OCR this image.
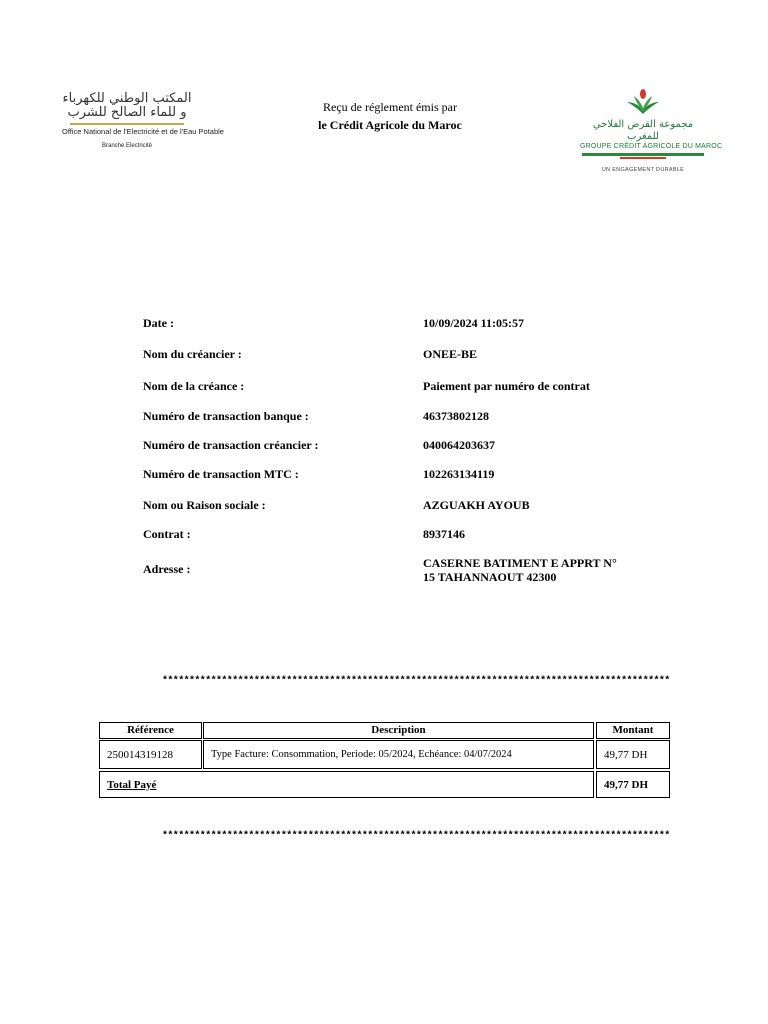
المكتب الوطني للكهرباء و للماء الصالح للشرب
Office National de l'Electricité et de l'Eau Potable
Branche Electricité
Reçu de réglement émis par
le Crédit Agricole du Maroc	مجموعة القرض الفلاحي للمغرب
GROUPE CRÉDIT AGRICOLE DU MAROC
UN ENGAGEMENT DURABLE
Date :	10/09/2024 11:05:57
Nom du créancier :	ONEE-BE
Nom de la créance :	Paiement par numéro de contrat
Numéro de transaction banque :	46373802128
Numéro de transaction créancier :	040064203637
Numéro de transaction MTC :	102263134119
Nom ou Raison sociale :	AZGUAKH AYOUB
Contrat :	8937146
Adresse :	CASERNE BATIMENT E APPRT N°
15 TAHANNAOUT 42300
**********************************************************************************************
Référence	Description	Montant
250014319128	Type Facture: Consommation, Periode: 05/2024, Echéance: 04/07/2024	49,77 DH
Total Payé	49,77 DH
**********************************************************************************************
